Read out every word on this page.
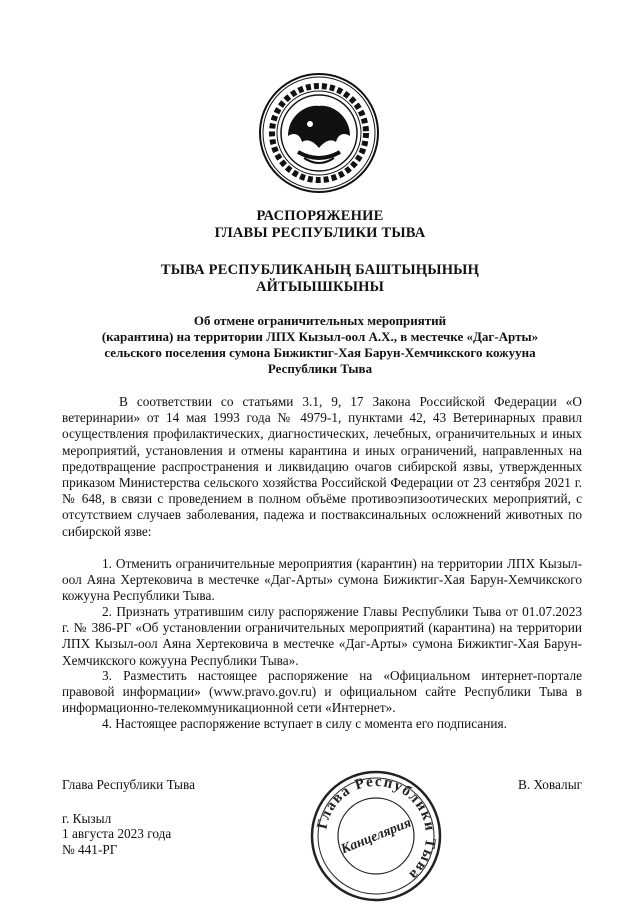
РАСПОРЯЖЕНИЕ
ГЛАВЫ РЕСПУБЛИКИ ТЫВА
ТЫВА РЕСПУБЛИКАНЫҢ БАШТЫҢЫНЫҢ
АЙТЫЫШКЫНЫ
Об отмене ограничительных мероприятий
(карантина) на территории ЛПХ Кызыл-оол А.Х., в местечке «Даг-Арты»
сельского поселения сумона Бижиктиг-Хая Барун-Хемчикского кожууна
Республики Тыва
В соответствии со статьями 3.1, 9, 17 Закона Российской Федерации «О ветеринарии» от 14 мая 1993 года № 4979-1, пунктами 42, 43 Ветеринарных правил осуществления профилактических, диагностических, лечебных, ограничительных и иных мероприятий, установления и отмены карантина и иных ограничений, направленных на предотвращение распространения и ликвидацию очагов сибирской язвы, утвержденных приказом Министерства сельского хозяйства Российской Федерации от 23 сентября 2021 г. № 648, в связи с проведением в полном объёме противоэпизоотических мероприятий, с отсутствием случаев заболевания, падежа и постваксинальных осложнений животных по сибирской язве:
1. Отменить ограничительные мероприятия (карантин) на территории ЛПХ Кызыл-оол Аяна Хертековича в местечке «Даг-Арты» сумона Бижиктиг-Хая Барун-Хемчикского кожууна Республики Тыва.
2. Признать утратившим силу распоряжение Главы Республики Тыва от 01.07.2023 г. № 386-РГ «Об установлении ограничительных мероприятий (карантина) на территории ЛПХ Кызыл-оол Аяна Хертековича в местечке «Даг-Арты» сумона Бижиктиг-Хая Барун-Хемчикского кожууна Республики Тыва».
3. Разместить настоящее распоряжение на «Официальном интернет-портале правовой информации» (www.pravo.gov.ru) и официальном сайте Республики Тыва в информационно-телекоммуникационной сети «Интернет».
4. Настоящее распоряжение вступает в силу с момента его подписания.
Глава Республики Тыва	В. Ховалыг
г. Кызыл
1 августа 2023 года
№ 441-РГ
Глава Республики Тыва
Канцелярия
